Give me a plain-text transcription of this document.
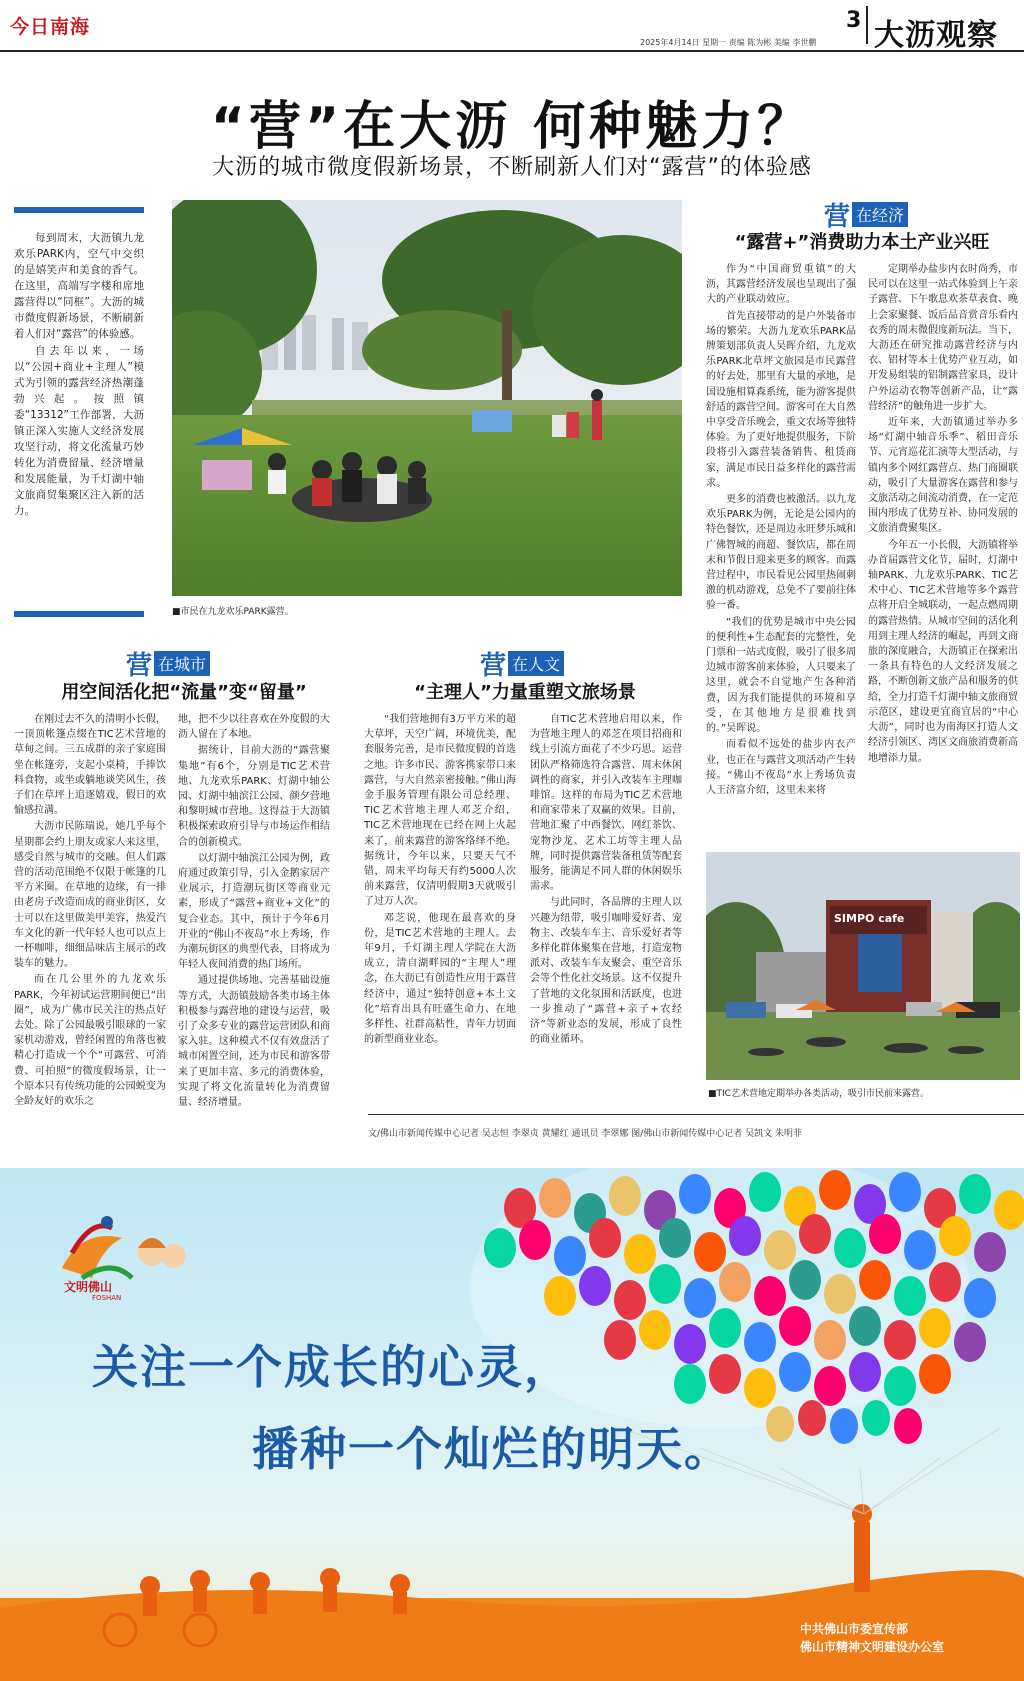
今日南海
2025年4月14日 星期一 责编 陈为彬 美编 李世鹏
3 大沥观察
“营”在大沥 何种魅力？
大沥的城市微度假新场景，不断刷新人们对“露营”的体验感

每到周末，大沥镇九龙欢乐PARK内，空气中交织的是嬉笑声和美食的香气。在这里，高端写字楼和席地露营得以“同框”。大沥的城市微度假新场景，不断刷新着人们对“露营”的体验感。

自去年以来，一场以“公园+商业+主理人”模式为引领的露营经济热潮蓬勃兴起。按照镇委“13312”工作部署，大沥镇正深入实施人文经济发展攻坚行动，将文化流量巧妙转化为消费留量、经济增量和发展能量，为千灯湖中轴文旅商贸集聚区注入新的活力。

■市民在九龙欢乐PARK露营。
营 在经济
“露营+”消费助力本土产业兴旺

作为“中国商贸重镇”的大沥，其露营经济发展也呈现出了强大的产业联动效应。

首先直接带动的是户外装备市场的繁荣。大沥九龙欢乐PARK品牌策划部负责人吴晖介绍，九龙欢乐PARK北草坪文旅园是市民露营的好去处，那里有大量的承地，是国设施相算森系统，能为游客提供舒适的露营空间。游客可在大自然中享受音乐晚会，重文农场等独特体验。为了更好地提供服务，下阶段将引入露营装备销售、租赁商家，满足市民日益多样化的露营需求。

更多的消费也被激活。以九龙欢乐PARK为例，无论是公园内的特色餐饮，还是周边永旺梦乐城和广佛智城的商超、餐饮店，都在周末和节假日迎来更多的顾客。而露营过程中，市民看见公园里热闹刺激的机动游戏，总免不了要前往体验一番。

“我们的优势是城市中央公园的便利性+生态配套的完整性，免门票和一站式度假，吸引了很多周边城市游客前来体验，人只要来了这里，就会不自觉地产生各种消费，因为我们能提供的环境和享受，在其他地方是很难找到的。”吴晖说。

而看似不远处的盐步内衣产业，也正在与露营文项活动产生转接。“佛山不夜岛”水上秀场负责人王济富介绍，这里未来将

定期举办盐步内衣时尚秀，市民可以在这里一站式体验到上午亲子露营、下午歌息欢茶草表食、晚上会家聚餐、饭后品音赏音乐看内衣秀的周末微假度新玩法。当下，大沥还在研究推动露营经济与内衣、铝材等本土优势产业互动，如开发易组装的铝制露营家具，设计户外运动衣物等创新产品，让“露营经济”的触角进一步扩大。

近年来，大沥镇通过举办多场“灯湖中轴音乐季”、稻田音乐节、元宵巡花汇演等大型活动，与镇内多个网红露营点、热门商圈联动，吸引了大量游客在露营和参与文旅活动之间流动消费，在一定范围内形成了优势互补、协同发展的文旅消费聚集区。

今年五一小长假，大沥镇将举办首届露营文化节，届时，灯湖中轴PARK、九龙欢乐PARK、TIC艺术中心、TIC艺术营地等多个露营点将开启全城联动，一起点燃周期的露营热情。从城市空间的活化利用到主理人经济的崛起，再到文商旅的深度融合，大沥镇正在探索出一条具有特色的人文经济发展之路，不断创新文旅产品和服务的供给，全力打造千灯湖中轴文旅商贸示范区，建设更宜商宜居的“中心大沥”，同时也为南海区打造人文经济引领区、湾区文商旅消费新高地增添力量。

营 在城市
用空间活化把“流量”变“留量”

在刚过去不久的清明小长假，一顶顶帐篷点缀在TIC艺术营地的草甸之间。三五成群的亲子家庭围坐在帐篷旁，支起小桌椅，手捧饮料食物，或坐或躺地谈笑风生，孩子们在草坪上追逐嬉戏，假日的欢愉感拉满。

大沥市民陈瑞说，她几乎每个星期都会约上朋友或家人来这里，感受自然与城市的交融。但人们露营的活动范围绝不仅限于帐篷的几平方米圈。在草地的边缘，有一排由老房子改造而成的商业街区，女士可以在这里做美甲美容，热爱汽车文化的新一代年轻人也可以点上一杯咖啡，细细品味店主展示的改装车的魅力。

而在几公里外的九龙欢乐PARK，今年初试运营期间便已“出圈”，成为广佛市民关注的热点好去处。除了公园最吸引眼球的一家家机动游戏，曾经闲置的角落也被精心打造成一个个“可露营、可消费、可拍照”的微度假场景，让一个原本只有传统功能的公园蜕变为全龄友好的欢乐之

地，把不少以往喜欢在外度假的大沥人留在了本地。

据统计，目前大沥的“露营聚集地”有6个，分别是TIC艺术营地、九龙欢乐PARK、灯湖中轴公园、灯湖中轴滨江公园、颜夕营地和黎明城市营地。这得益于大沥镇积极探索政府引导与市场运作相结合的创新模式。

以灯湖中轴滨江公园为例，政府通过政策引导，引入金鹅家居产业展示，打造潮玩街区等商业元素，形成了“露营+商业+文化”的复合业态。其中，预计于今年6月开业的“佛山不夜岛”水上秀场，作为潮玩街区的典型代表，目将成为年轻人夜间消费的热门场所。

通过提供场地、完善基础设施等方式，大沥镇鼓励各类市场主体积极参与露营地的建设与运营，吸引了众多专业的露营运营团队和商家入驻。这种模式不仅有效盘活了城市闲置空间，还为市民和游客带来了更加丰富、多元的消费体验，实现了将文化流量转化为消费留量、经济增量。

营 在人文
“主理人”力量重塑文旅场景

“我们营地拥有3万平方米的超大草坪，天空广阔，环境优美，配套服务完善，是市民微度假的首选之地。许多市民、游客携家带口来露营，与大自然亲密接触。”佛山海金手服务管理有限公司总经理、TIC艺术营地主理人邓芝介绍，TIC艺术营地现在已经在网上火起来了，前来露营的游客络绎不绝。据统计，今年以来，只要天气不错，周末平均每天有约5000人次前来露营，仅清明假期3天就吸引了过万人次。

邓芝说，他现在最喜欢的身份，是TIC艺术营地的主理人。去年9月，千灯湖主理人学院在大沥成立，清自湖畔园的“主理人”理念，在大沥已有创造性应用于露营经济中，通过“独特创意+本土文化”培育出具有旺盛生命力、在地多样性、社群高粘性，青年力切面的新型商业业态。

自TIC艺术营地启用以来，作为营地主理人的邓芝在项目招商和线上引流方面花了不少巧思。运营团队严格筛选符合露营、周末休闲调性的商家，并引入改装车主理咖啡馆。这样的布局为TIC艺术营地和商家带来了双赢的效果。目前，营地汇聚了中西餐饮、网红茶饮、宠物沙龙、艺术工坊等主理人品牌，同时提供露营装备租赁等配套服务，能满足不同人群的休闲娱乐需求。

与此同时，各品牌的主理人以兴趣为纽带，吸引咖啡爱好者、宠物主、改装车车主、音乐爱好者等多样化群体聚集在营地，打造宠物派对、改装车车友聚会、重空音乐会等个性化社交场景。这不仅提升了营地的文化氛围和活跃度，也进一步推动了“露营+亲子+农经济”等新业态的发展，形成了良性的商业循环。

SIMPO cafe
■TIC艺术营地定期举办各类活动，吸引市民前来露营。
文/佛山市新闻传媒中心记者 吴志恒 李翠贞 黄耀红 通讯员 李翠娜 图/佛山市新闻传媒中心记者 吴凯文 朱明菲
文明佛山
FOSHAN
关注一个成长的心灵，
播种一个灿烂的明天。
中共佛山市委宣传部
佛山市精神文明建设办公室
